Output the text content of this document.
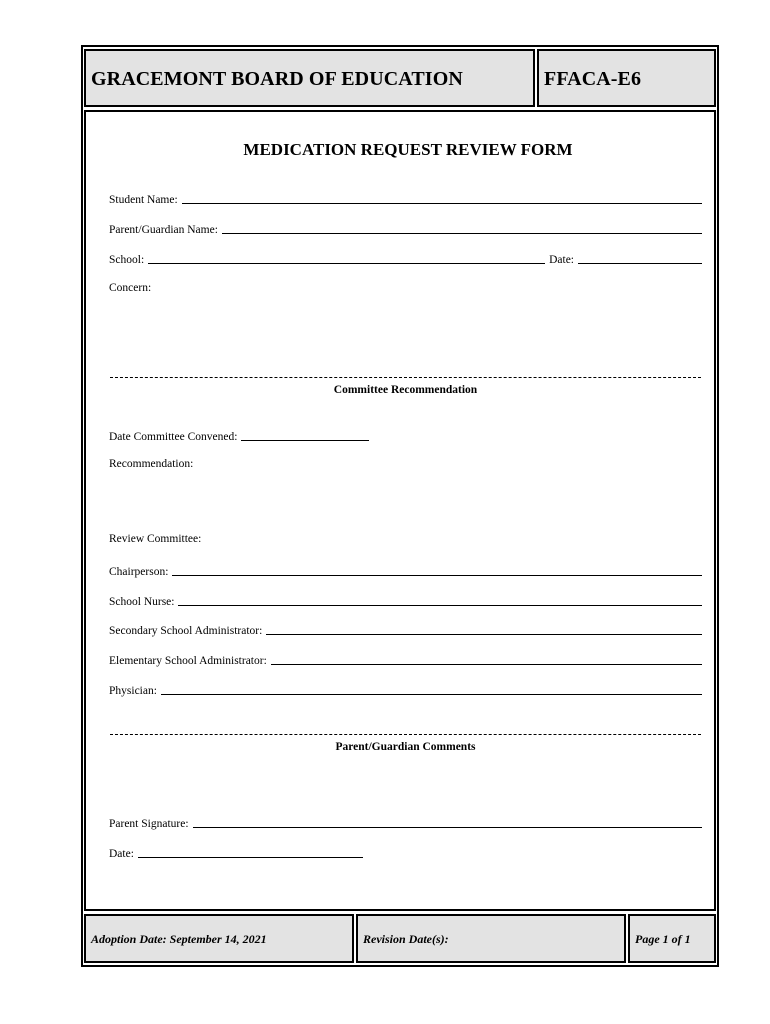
GRACEMONT BOARD OF EDUCATION	FFACA-E6
MEDICATION REQUEST REVIEW FORM
Student Name:
Parent/Guardian Name:
School:	Date:
Concern:
Committee Recommendation
Date Committee Convened:
Recommendation:
Review Committee:
Chairperson:
School Nurse:
Secondary School Administrator:
Elementary School Administrator:
Physician:
Parent/Guardian Comments
Parent Signature:
Date:
Adoption Date: September 14, 2021	Revision Date(s):	Page 1 of 1
